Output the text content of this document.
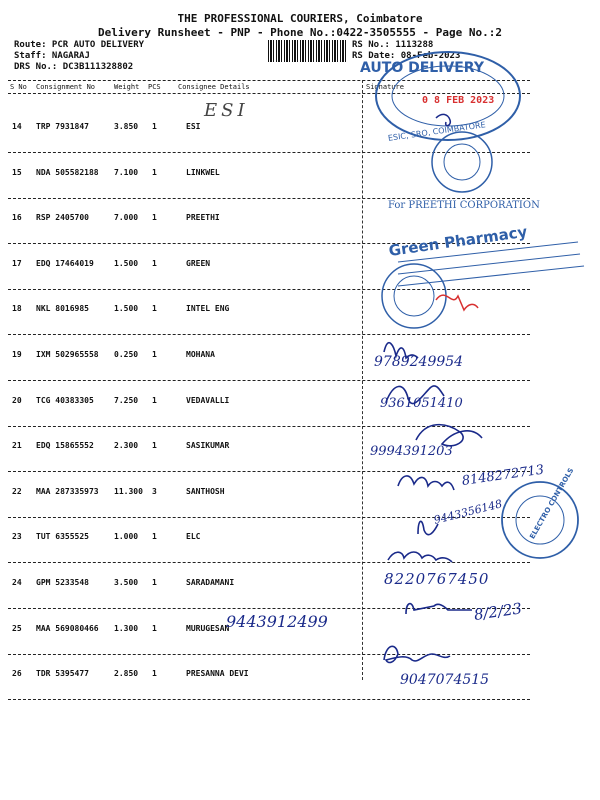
THE PROFESSIONAL COURIERS, Coimbatore
Delivery Runsheet - PNP - Phone No.:0422-3505555 - Page No.:2
Route: PCR AUTO DELIVERY
Staff: NAGARAJ
DRS No.: DC3B111328802
RS No.: 1113288
RS Date: 08-Feb-2023
S No Consignment No	Weight PCS Consignee Details	Signature
14 TRP 7931847	3.850 1	ESI
15 NDA 505582188 7.100 1	LINKWEL
16 RSP 2405700	7.000 1	PREETHI
17 EDQ 17464019	1.500 1	GREEN
18 NKL 8016985	1.500 1	INTEL ENG
19 IXM 502965558 0.250 1	MOHANA
20 TCG 40383305	7.250 1	VEDAVALLI
21 EDQ 15865552	2.300 1	SASIKUMAR
22 MAA 287335973 11.300 3	SANTHOSH
23 TUT 6355525	1.000 1	ELC
24 GPM 5233548	3.500 1	SARADAMANI
25 MAA 569080466 1.300 1	MURUGESAN
26 TDR 5395477	2.850 1	PRESANNA DEVI
AUTO DELIVERY
0 8 FEB 2023
ESIC, SRO, COIMBATORE
For PREETHI CORPORATION
Green Pharmacy
ELECTRO CONTROLS
ESI
9789249954
9361051410
9994391203
8148272713
9443356148
8220767450
9443912499	8/2/23
9047074515
